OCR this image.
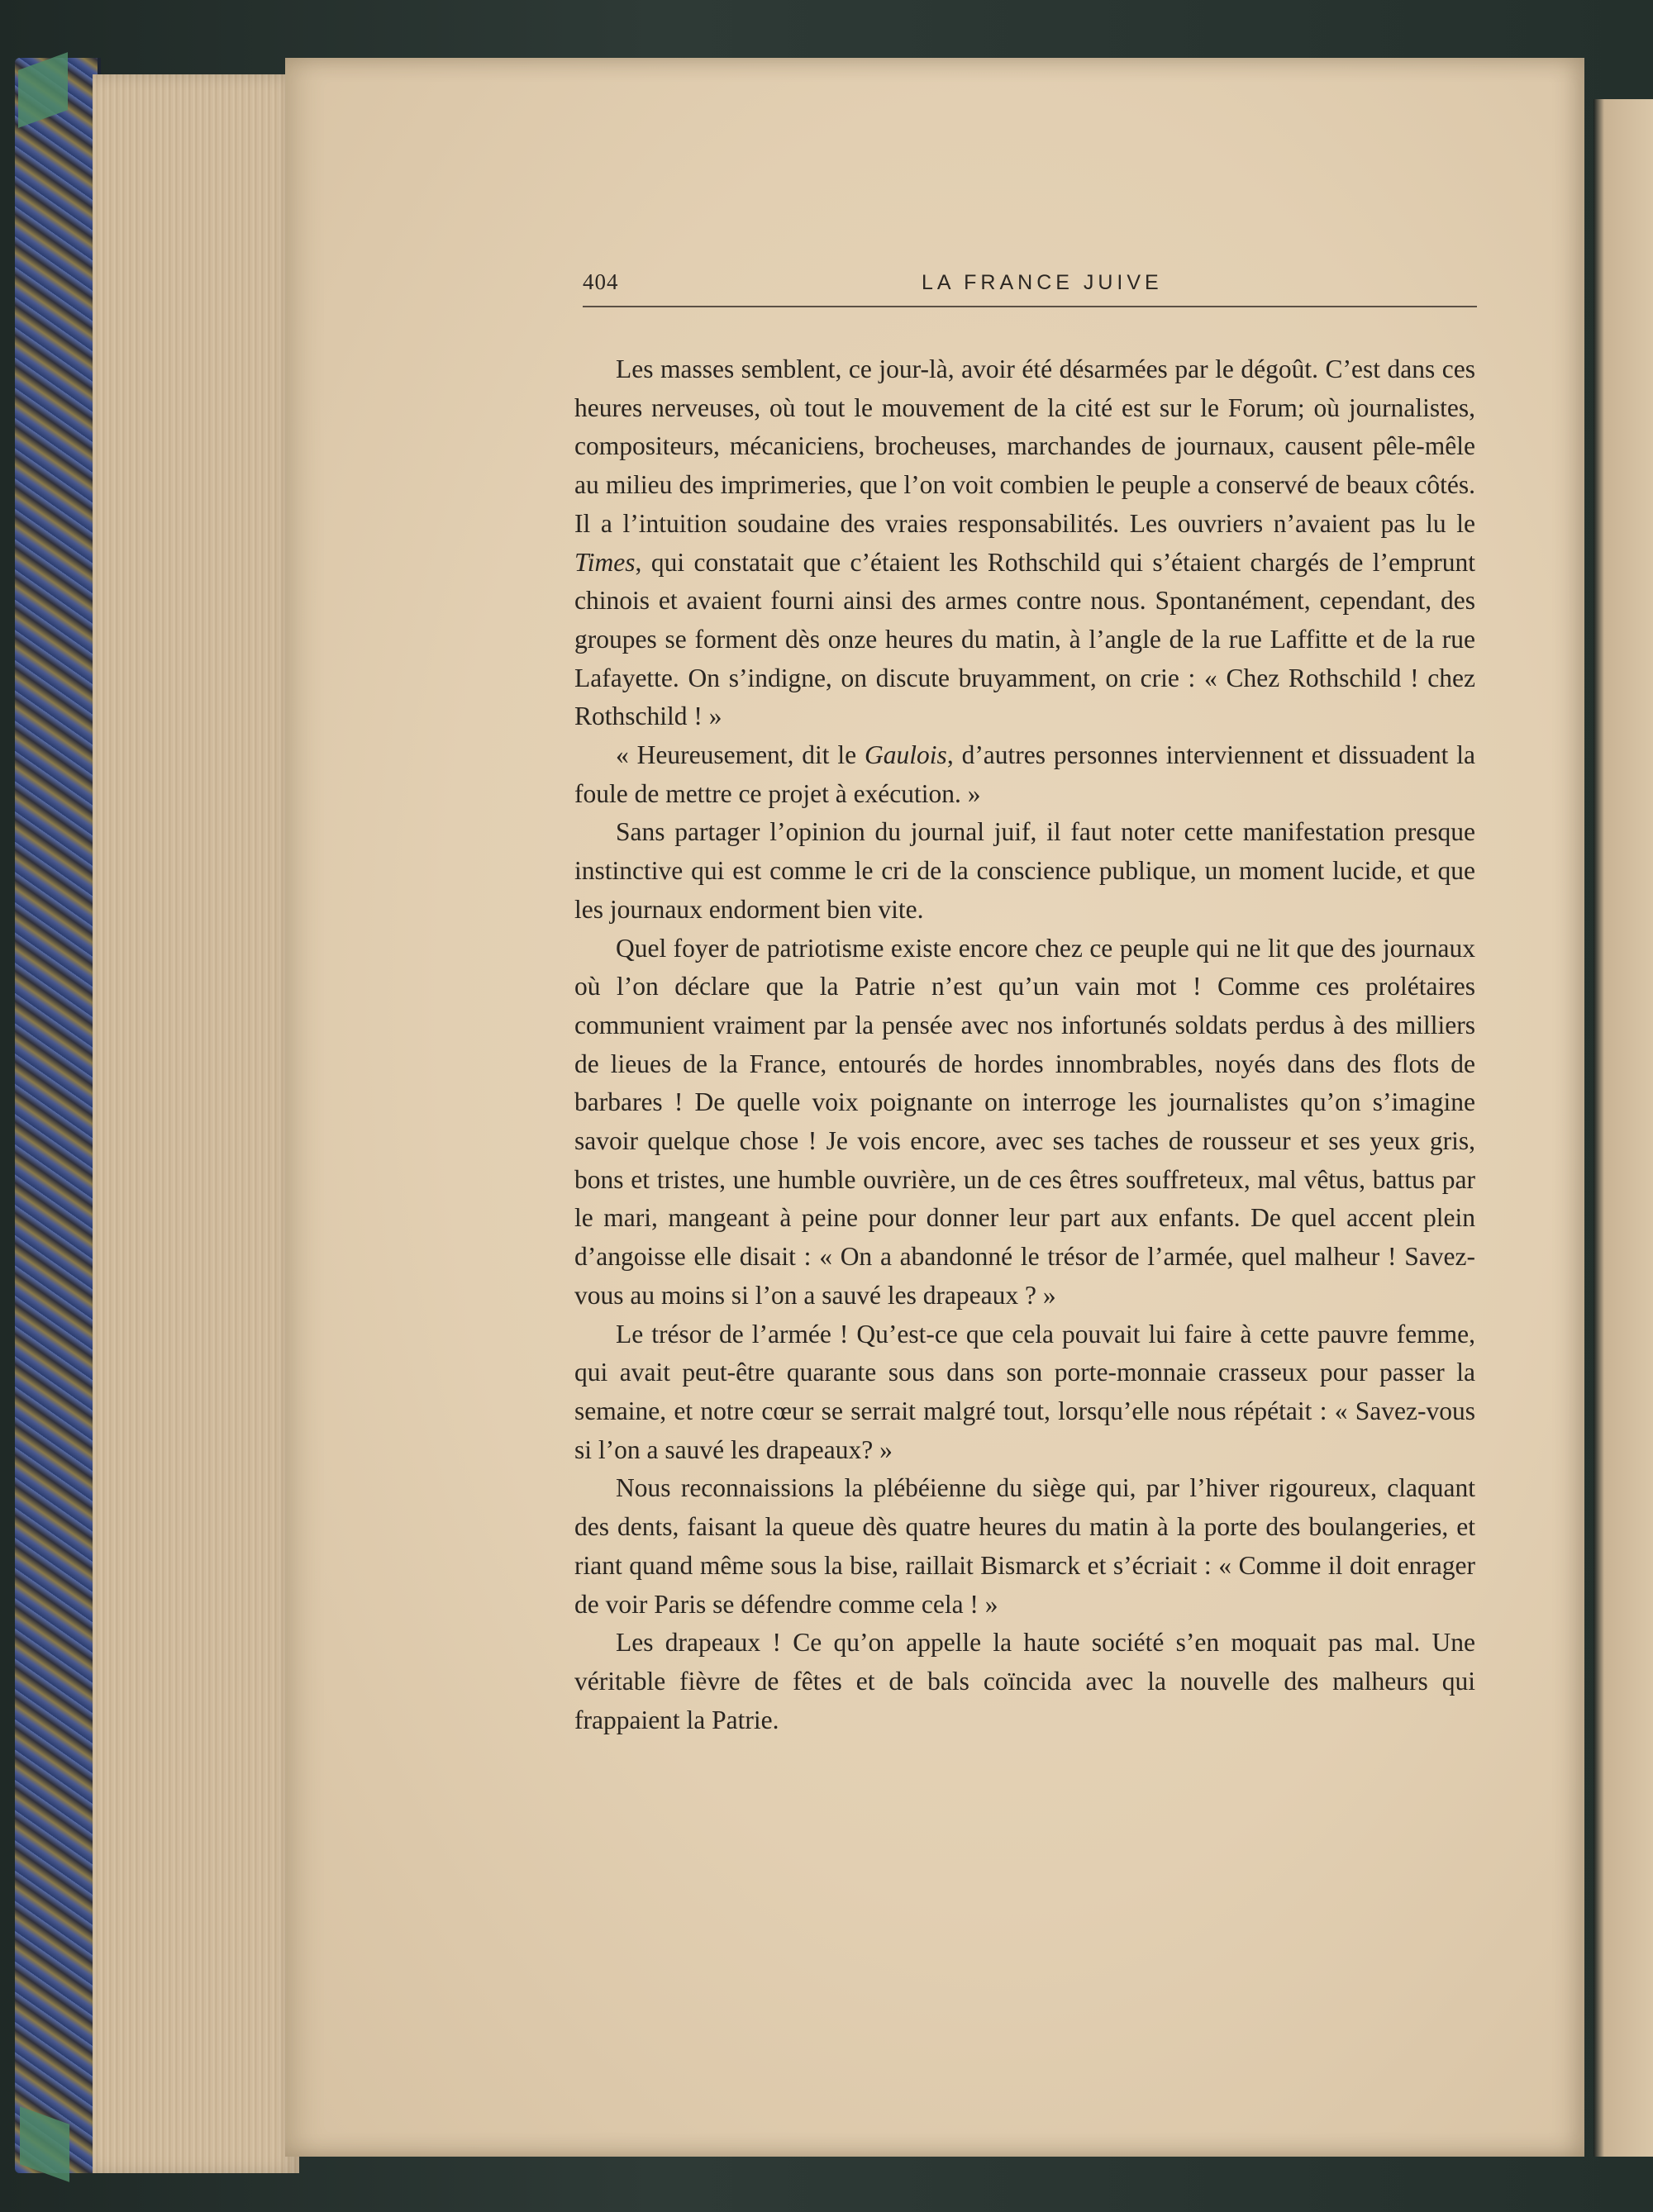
404	LA FRANCE JUIVE

Les masses semblent, ce jour-là, avoir été désarmées par le dégoût. C’est dans ces heures nerveuses, où tout le mouvement de la cité est sur le Forum; où journalistes, compositeurs, mécaniciens, brocheuses, marchandes de journaux, causent pêle-mêle au milieu des imprimeries, que l’on voit combien le peuple a conservé de beaux côtés. Il a l’intuition soudaine des vraies responsabilités. Les ouvriers n’avaient pas lu le Times, qui constatait que c’étaient les Rothschild qui s’étaient chargés de l’emprunt chinois et avaient fourni ainsi des armes contre nous. Spontanément, cependant, des groupes se forment dès onze heures du matin, à l’angle de la rue Laffitte et de la rue Lafayette. On s’indigne, on discute bruyamment, on crie : « Chez Rothschild ! chez Rothschild ! »

« Heureusement, dit le Gaulois, d’autres personnes interviennent et dissuadent la foule de mettre ce projet à exécution. »

Sans partager l’opinion du journal juif, il faut noter cette manifestation presque instinctive qui est comme le cri de la conscience publique, un moment lucide, et que les journaux endorment bien vite.

Quel foyer de patriotisme existe encore chez ce peuple qui ne lit que des journaux où l’on déclare que la Patrie n’est qu’un vain mot ! Comme ces prolétaires communient vraiment par la pensée avec nos infortunés soldats perdus à des milliers de lieues de la France, entourés de hordes innombrables, noyés dans des flots de barbares ! De quelle voix poignante on interroge les journalistes qu’on s’imagine savoir quelque chose ! Je vois encore, avec ses taches de rousseur et ses yeux gris, bons et tristes, une humble ouvrière, un de ces êtres souffreteux, mal vêtus, battus par le mari, mangeant à peine pour donner leur part aux enfants. De quel accent plein d’angoisse elle disait : « On a abandonné le trésor de l’armée, quel malheur ! Savez-vous au moins si l’on a sauvé les drapeaux ? »

Le trésor de l’armée ! Qu’est-ce que cela pouvait lui faire à cette pauvre femme, qui avait peut-être quarante sous dans son porte-monnaie crasseux pour passer la semaine, et notre cœur se serrait malgré tout, lorsqu’elle nous répétait : « Savez-vous si l’on a sauvé les drapeaux? »

Nous reconnaissions la plébéienne du siège qui, par l’hiver rigoureux, claquant des dents, faisant la queue dès quatre heures du matin à la porte des boulangeries, et riant quand même sous la bise, raillait Bismarck et s’écriait : « Comme il doit enrager de voir Paris se défendre comme cela ! »

Les drapeaux ! Ce qu’on appelle la haute société s’en moquait pas mal. Une véritable fièvre de fêtes et de bals coïncida avec la nouvelle des malheurs qui frappaient la Patrie.
